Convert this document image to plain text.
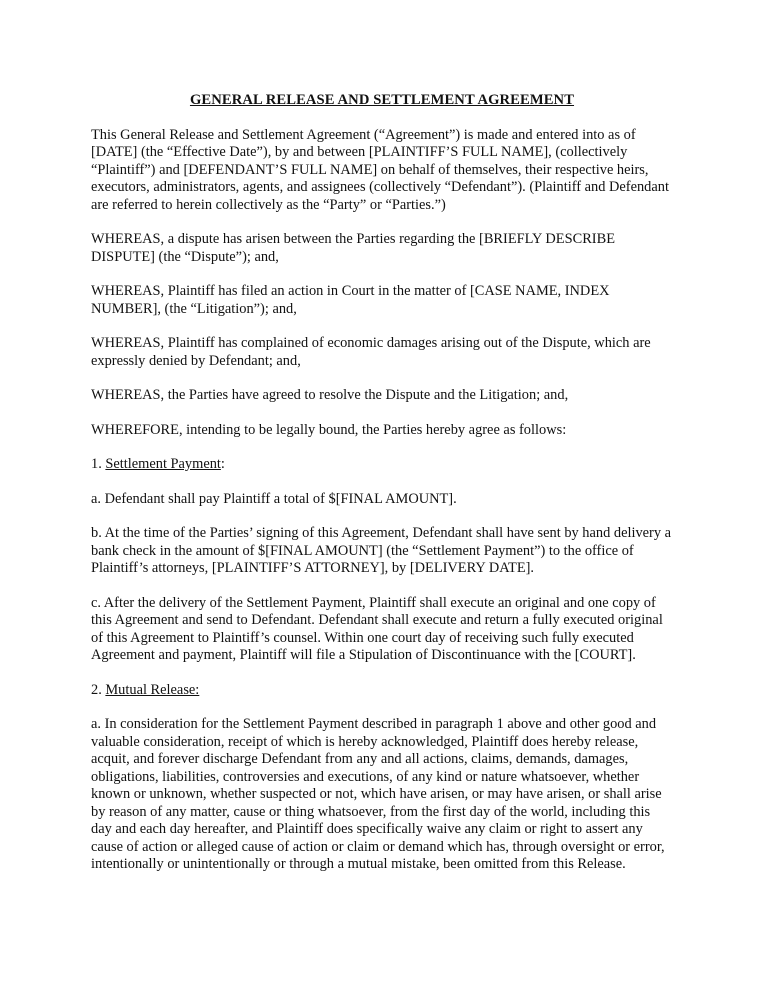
GENERAL RELEASE AND SETTLEMENT AGREEMENT

This General Release and Settlement Agreement (“Agreement”) is made and entered into as of [DATE] (the “Effective Date”), by and between [PLAINTIFF’S FULL NAME], (collectively “Plaintiff”) and [DEFENDANT’S FULL NAME] on behalf of themselves, their respective heirs, executors, administrators, agents, and assignees (collectively “Defendant”). (Plaintiff and Defendant are referred to herein collectively as the “Party” or “Parties.”)

WHEREAS, a dispute has arisen between the Parties regarding the [BRIEFLY DESCRIBE DISPUTE] (the “Dispute”); and,

WHEREAS, Plaintiff has filed an action in Court in the matter of [CASE NAME, INDEX NUMBER], (the “Litigation”); and,

WHEREAS, Plaintiff has complained of economic damages arising out of the Dispute, which are expressly denied by Defendant; and,

WHEREAS, the Parties have agreed to resolve the Dispute and the Litigation; and,

WHEREFORE, intending to be legally bound, the Parties hereby agree as follows:

1. Settlement Payment:

a. Defendant shall pay Plaintiff a total of $[FINAL AMOUNT].

b. At the time of the Parties’ signing of this Agreement, Defendant shall have sent by hand delivery a bank check in the amount of $[FINAL AMOUNT] (the “Settlement Payment”) to the office of Plaintiff’s attorneys, [PLAINTIFF’S ATTORNEY], by [DELIVERY DATE].

c. After the delivery of the Settlement Payment, Plaintiff shall execute an original and one copy of this Agreement and send to Defendant. Defendant shall execute and return a fully executed original of this Agreement to Plaintiff’s counsel. Within one court day of receiving such fully executed Agreement and payment, Plaintiff will file a Stipulation of Discontinuance with the [COURT].

2. Mutual Release:

a. In consideration for the Settlement Payment described in paragraph 1 above and other good and valuable consideration, receipt of which is hereby acknowledged, Plaintiff does hereby release, acquit, and forever discharge Defendant from any and all actions, claims, demands, damages, obligations, liabilities, controversies and executions, of any kind or nature whatsoever, whether known or unknown, whether suspected or not, which have arisen, or may have arisen, or shall arise by reason of any matter, cause or thing whatsoever, from the first day of the world, including this day and each day hereafter, and Plaintiff does specifically waive any claim or right to assert any cause of action or alleged cause of action or claim or demand which has, through oversight or error, intentionally or unintentionally or through a mutual mistake, been omitted from this Release.
